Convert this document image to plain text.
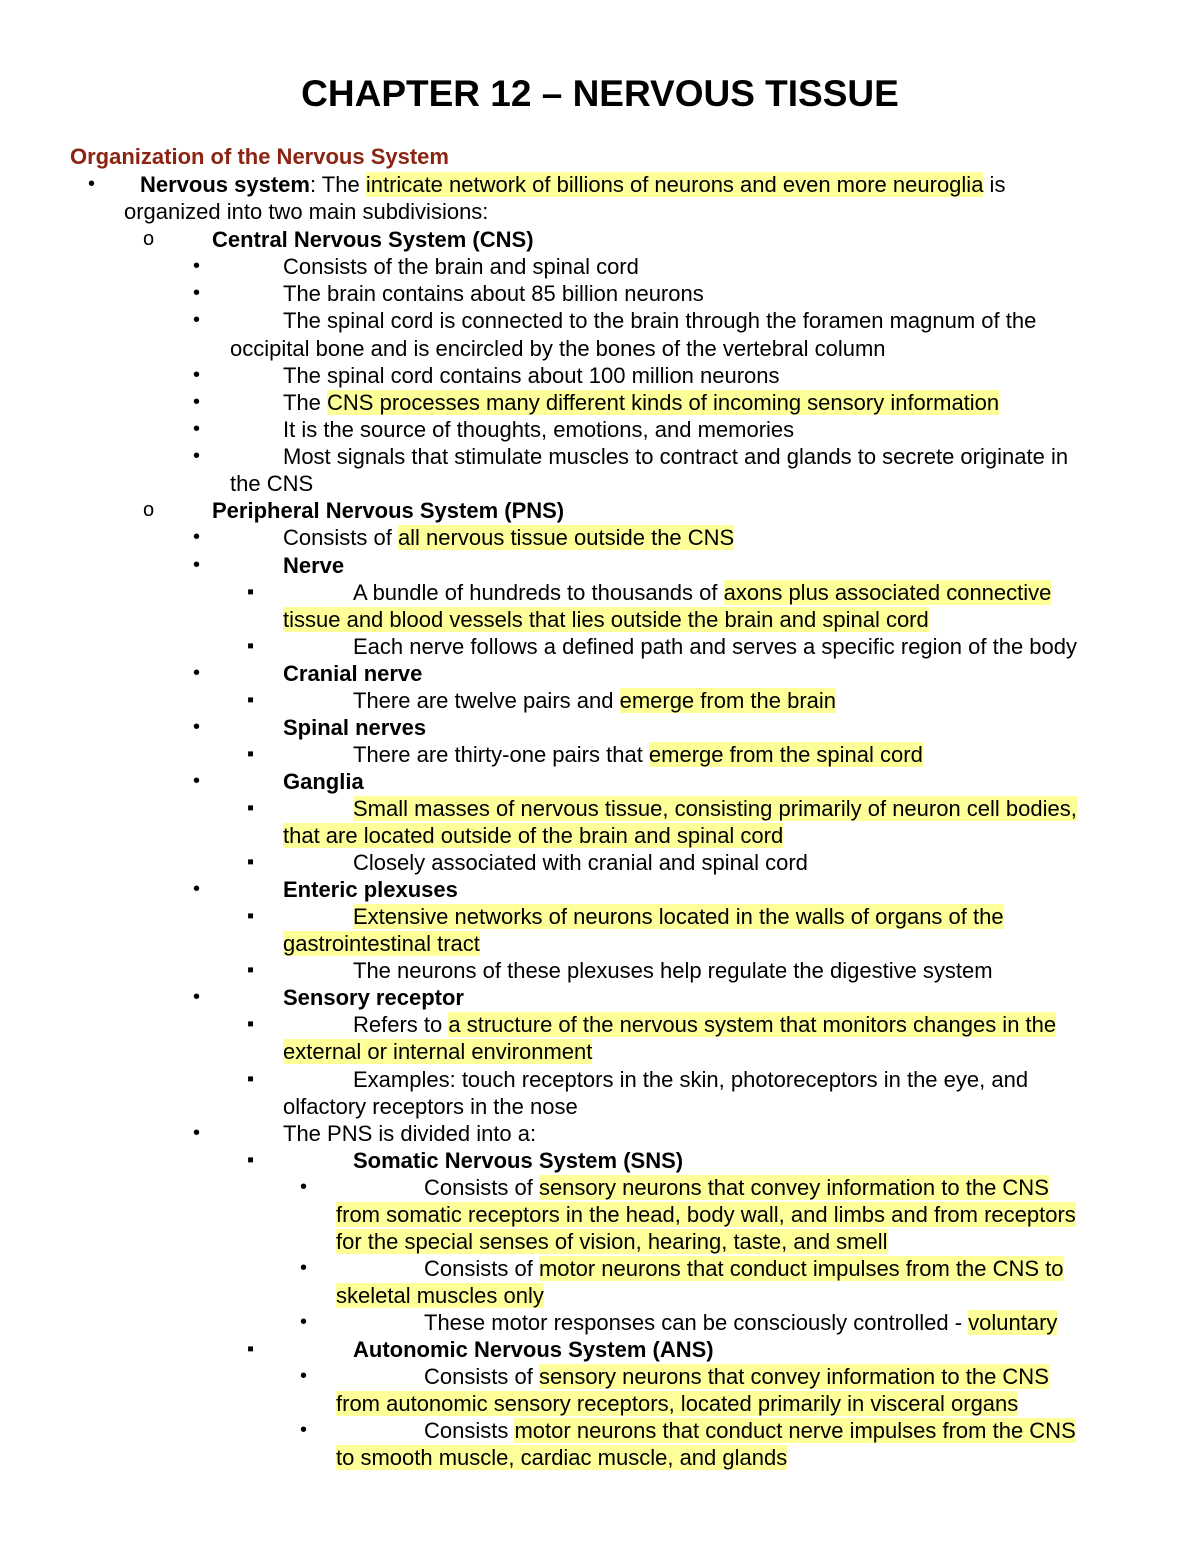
CHAPTER 12 – NERVOUS TISSUE
Organization of the Nervous System
• Nervous system: The intricate network of billions of neurons and even more neuroglia is
organized into two main subdivisions:
o	Central Nervous System (CNS)
•	Consists of the brain and spinal cord
•	The brain contains about 85 billion neurons
•	The spinal cord is connected to the brain through the foramen magnum of the
occipital bone and is encircled by the bones of the vertebral column
•	The spinal cord contains about 100 million neurons
•	The CNS processes many different kinds of incoming sensory information
•	It is the source of thoughts, emotions, and memories
•	Most signals that stimulate muscles to contract and glands to secrete originate in
the CNS
o	Peripheral Nervous System (PNS)
•	Consists of all nervous tissue outside the CNS
•	Nerve
▪	A bundle of hundreds to thousands of axons plus associated connective
tissue and blood vessels that lies outside the brain and spinal cord
▪	Each nerve follows a defined path and serves a specific region of the body
•	Cranial nerve
▪	There are twelve pairs and emerge from the brain
•	Spinal nerves
▪	There are thirty-one pairs that emerge from the spinal cord
•	Ganglia
▪	Small masses of nervous tissue, consisting primarily of neuron cell bodies,
that are located outside of the brain and spinal cord
▪	Closely associated with cranial and spinal cord
•	Enteric plexuses
▪	Extensive networks of neurons located in the walls of organs of the
gastrointestinal tract
▪	The neurons of these plexuses help regulate the digestive system
•	Sensory receptor
▪	Refers to a structure of the nervous system that monitors changes in the
external or internal environment
▪	Examples: touch receptors in the skin, photoreceptors in the eye, and
olfactory receptors in the nose
•	The PNS is divided into a:
▪	Somatic Nervous System (SNS)
•	Consists of sensory neurons that convey information to the CNS
from somatic receptors in the head, body wall, and limbs and from receptors
for the special senses of vision, hearing, taste, and smell
•	Consists of motor neurons that conduct impulses from the CNS to
skeletal muscles only
•	These motor responses can be consciously controlled - voluntary
▪	Autonomic Nervous System (ANS)
•	Consists of sensory neurons that convey information to the CNS
from autonomic sensory receptors, located primarily in visceral organs
•	Consists motor neurons that conduct nerve impulses from the CNS
to smooth muscle, cardiac muscle, and glands
